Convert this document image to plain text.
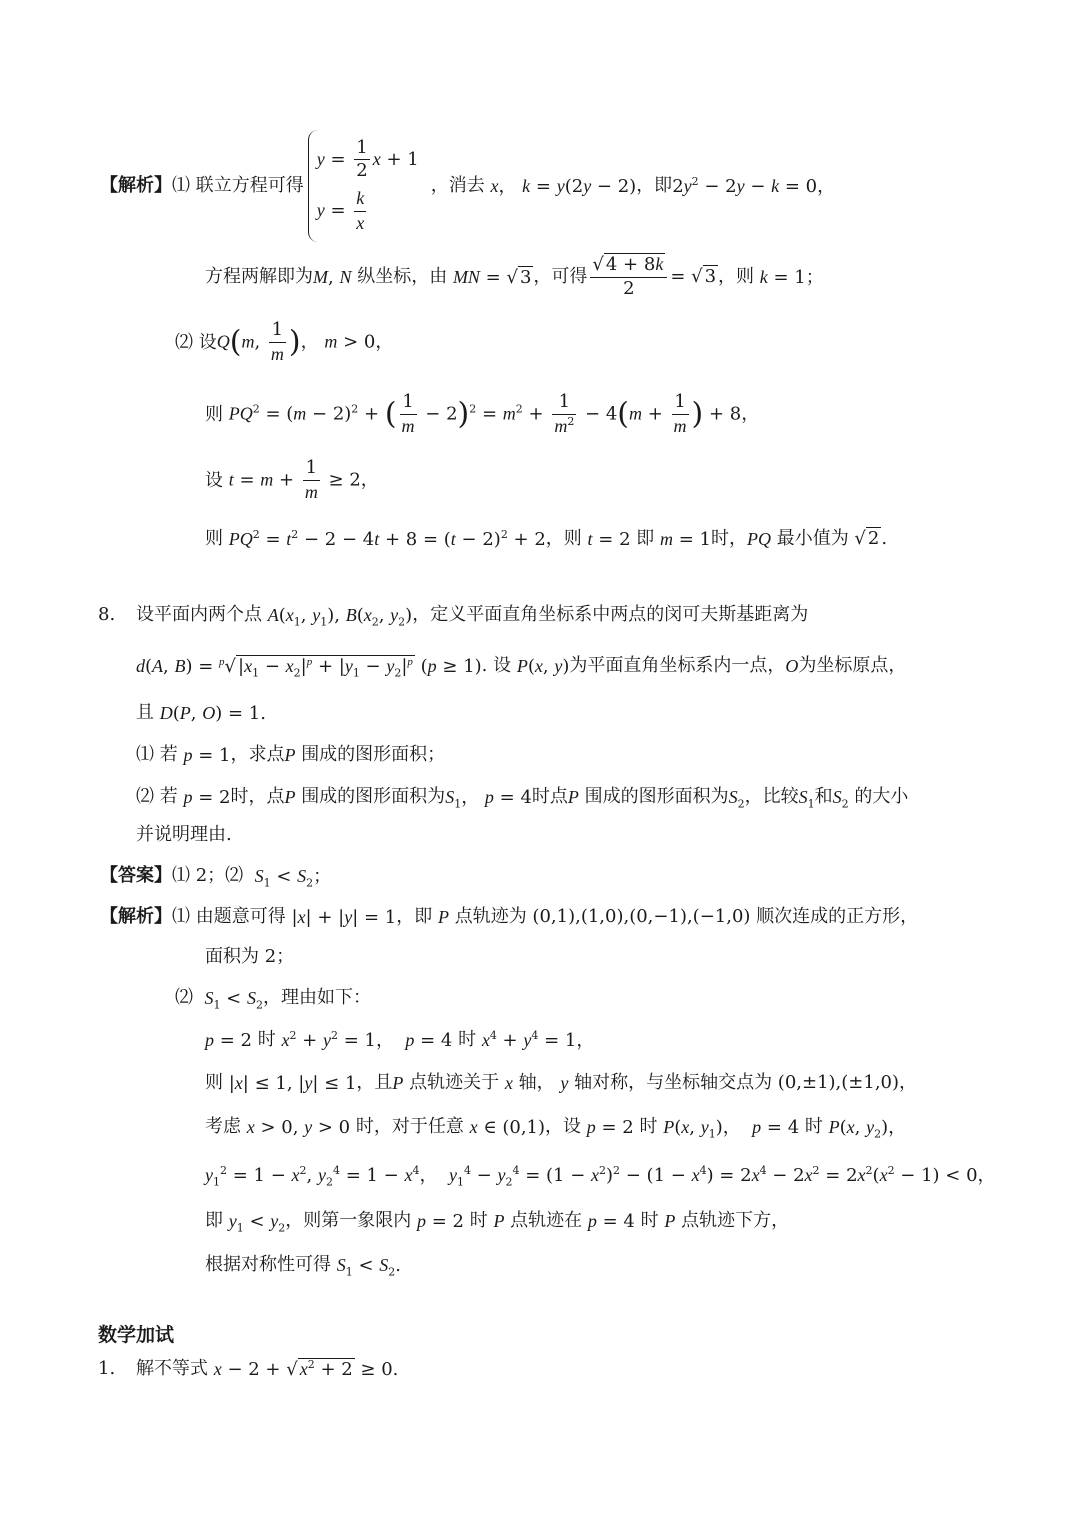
【解析】 ⑴ 联立方程可得
$y = \frac{1}{2}$ x + 1
$y = \frac{k}{x}$
，消去 x， k = y(2y − 2) ，即 $2y^2 - 2y - k = 0$，
方程两解即为 M, N 纵坐标，由 MN = √ 3 ，可得 $\frac{√ 4 + 8k}{2}$ = √ 3 ，则 k = 1；
⑵ 设 Q(m, $\frac{1}{m}$ )， m > 0，
则 $PQ^2 = (m - 2)^2$ + ( $\frac{1}{m} - 2)^2 = m^2 + \frac{1}{m^2} - 4(m + \frac{1}{m}$ ) + 8，
设 $t = m + \frac{1}{m} \ge 2$，
则 $PQ^2 = t^2 - 2 - 4t + 8 = (t - 2)^2 + 2$ ，则 t = 2 即 m = 1 时， PQ 最小值为 √ 2 .
8.	设平面内两个点 $A(x_1$, $y_1$), $B(x_2$, $y_2$) ，定义平面直角坐标系中两点的闵可夫斯基距离为
d(A, B) = $^p$√ $|x_1 - x_2|^p + |y_1 - y_2|^p$ (p ≥ 1) . 设 P(x, y) 为平面直角坐标系内一点， O 为坐标原点，
且 D(P, O) = 1.
⑴ 若 p = 1 ，求点 P 围成的图形面积；
⑵ 若 p = 2 时，点 P 围成的图形面积为 $S_1$， p = 4 时点 P 围成的图形面积为 $S_2$ ，比较 $S_1$ 和 $S_2$ 的大小
并说明理由.
【答案】 ⑴ 2；⑵ $S_1 < S_2$；
【解析】 ⑴ 由题意可得 |x| + |y| = 1 ，即 P 点轨迹为 (0,1),(1,0),(0,−1),(−1,0) 顺次连成的正方形，
面积为 2；
⑵ $S_1 < S_2$ ，理由如下：
p = 2 时 $x^2 + y^2 = 1$，  p = 4 时 $x^4 + y^4 = 1$，
则 |x| ≤ 1, |y| ≤ 1 ，且 P 点轨迹关于 x 轴， y 轴对称，与坐标轴交点为 (0,±1),(±1,0)，
考虑 x > 0, y > 0 时，对于任意 x ∈ (0,1) ，设 p = 2 时 P(x, $y_1$)，  p = 4 时 P(x, $y_2$)，
$y_1^2 = 1 - x^2$, $y_2^4 = 1 - x^4$，  $y_1^4 - y_2^4 = (1 - x^2)^2 - (1 - x^4) = 2x^4 - 2x^2 = 2x^2(x^2 - 1) < 0$，
即 $y_1 < y_2$ ，则第一象限内 p = 2 时 P 点轨迹在 p = 4 时 P 点轨迹下方，
根据对称性可得 $S_1 < S_2$.
数学加试
1.	解不等式 x − 2 + √ $x^2 + 2 \ge 0$.
